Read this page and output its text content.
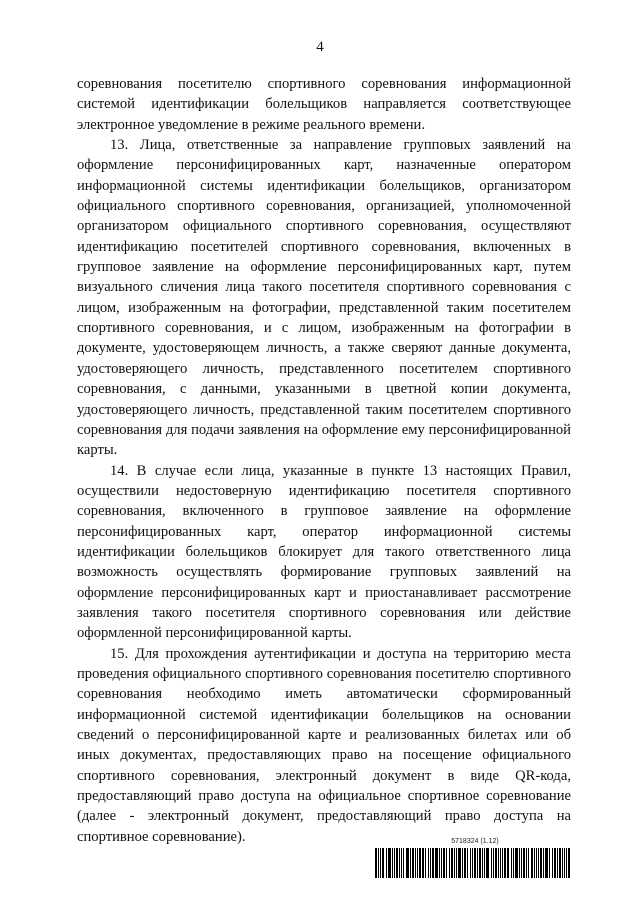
4

соревнования посетителю спортивного соревнования информационной системой идентификации болельщиков направляется соответствующее электронное уведомление в режиме реального времени.

13. Лица, ответственные за направление групповых заявлений на оформление персонифицированных карт, назначенные оператором информационной системы идентификации болельщиков, организатором официального спортивного соревнования, организацией, уполномоченной организатором официального спортивного соревнования, осуществляют идентификацию посетителей спортивного соревнования, включенных в групповое заявление на оформление персонифицированных карт, путем визуального сличения лица такого посетителя спортивного соревнования с лицом, изображенным на фотографии, представленной таким посетителем спортивного соревнования, и с лицом, изображенным на фотографии в документе, удостоверяющем личность, а также сверяют данные документа, удостоверяющего личность, представленного посетителем спортивного соревнования, с данными, указанными в цветной копии документа, удостоверяющего личность, представленной таким посетителем спортивного соревнования для подачи заявления на оформление ему персонифицированной карты.

14. В случае если лица, указанные в пункте 13 настоящих Правил, осуществили недостоверную идентификацию посетителя спортивного соревнования, включенного в групповое заявление на оформление персонифицированных карт, оператор информационной системы идентификации болельщиков блокирует для такого ответственного лица возможность осуществлять формирование групповых заявлений на оформление персонифицированных карт и приостанавливает рассмотрение заявления такого посетителя спортивного соревнования или действие оформленной персонифицированной карты.

15. Для прохождения аутентификации и доступа на территорию места проведения официального спортивного соревнования посетителю спортивного соревнования необходимо иметь автоматически сформированный информационной системой идентификации болельщиков на основании сведений о персонифицированной карте и реализованных билетах или об иных документах, предоставляющих право на посещение официального спортивного соревнования, электронный документ в виде QR-кода, предоставляющий право доступа на официальное спортивное соревнование (далее - электронный документ, предоставляющий право доступа на спортивное соревнование).	5718324 (1.12)
